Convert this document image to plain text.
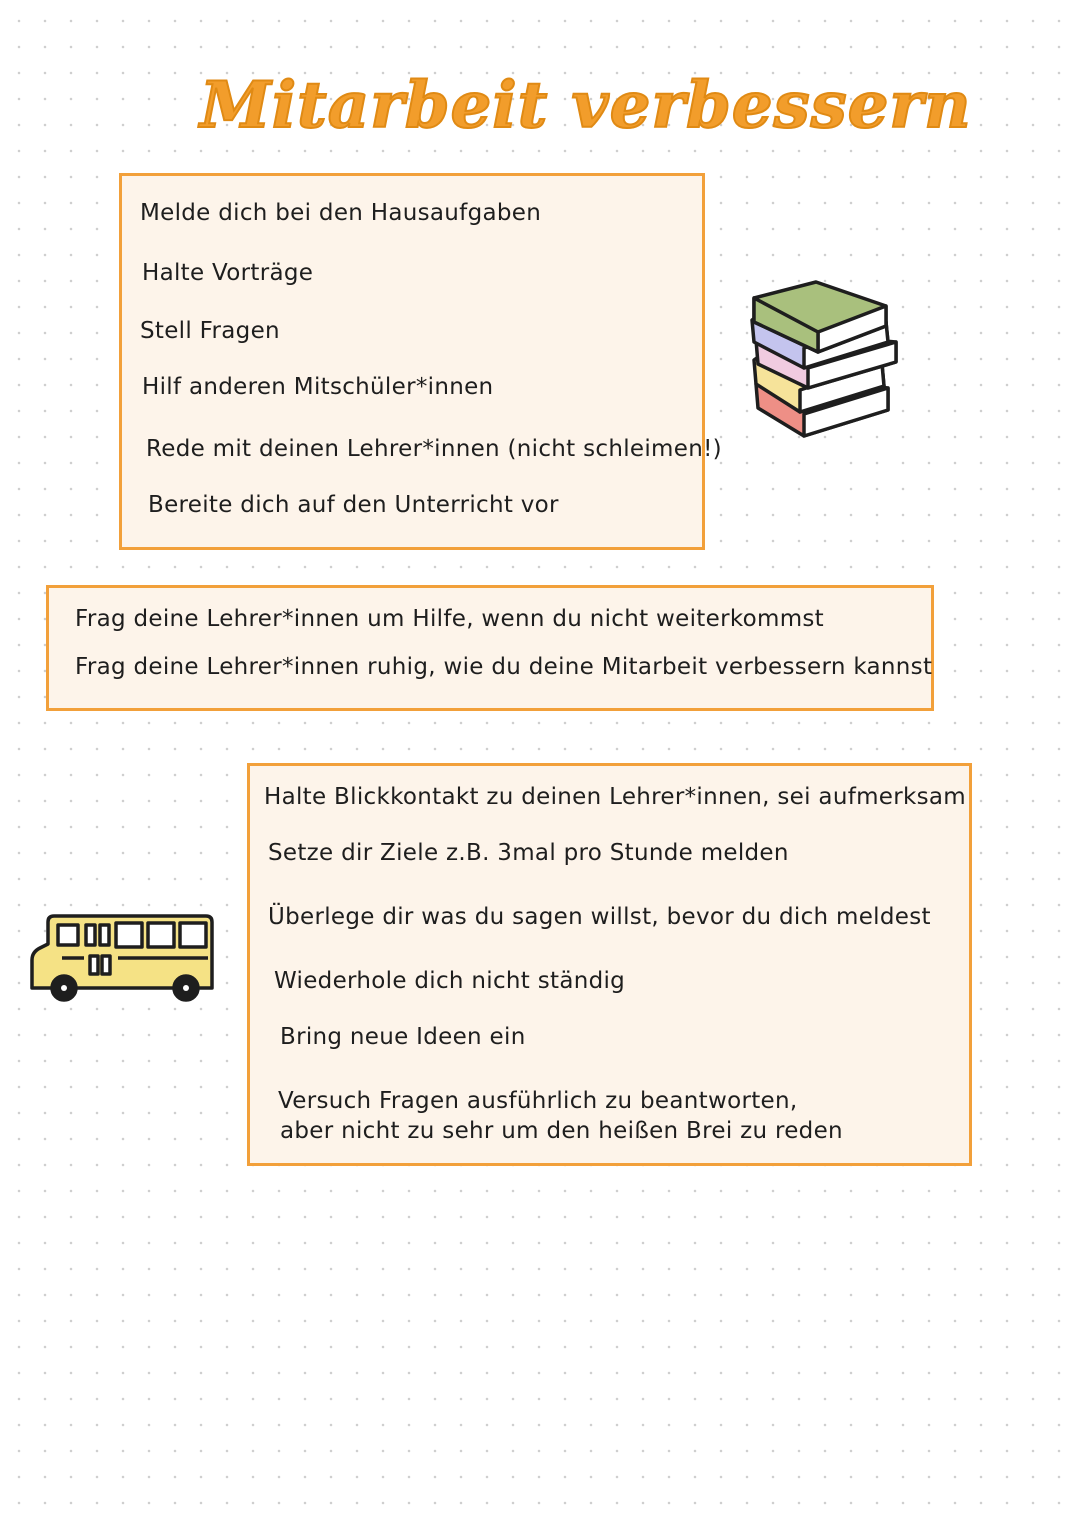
Mitarbeit verbessern
Melde dich bei den Hausaufgaben
Halte Vorträge
Stell Fragen
Hilf anderen Mitschüler*innen
Rede mit deinen Lehrer*innen (nicht schleimen!)
Bereite dich auf den Unterricht vor
Frag deine Lehrer*innen um Hilfe, wenn du nicht weiterkommst
Frag deine Lehrer*innen ruhig, wie du deine Mitarbeit verbessern kannst
Halte Blickkontakt zu deinen Lehrer*innen, sei aufmerksam
Setze dir Ziele z.B. 3mal pro Stunde melden
Überlege dir was du sagen willst, bevor du dich meldest
Wiederhole dich nicht ständig
Bring neue Ideen ein
Versuch Fragen ausführlich zu beantworten,
aber nicht zu sehr um den heißen Brei zu reden
